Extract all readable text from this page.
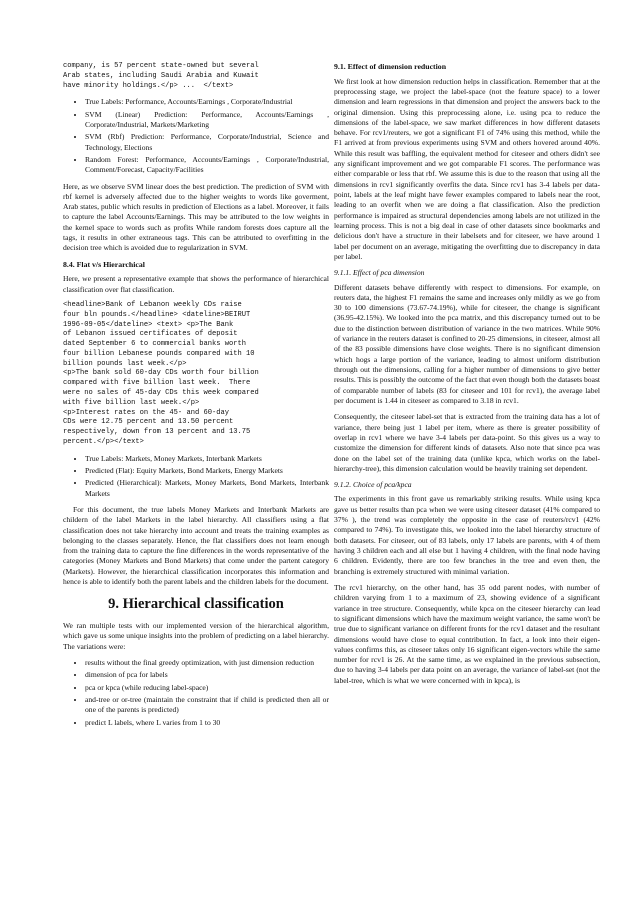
company, is 57 percent state-owned but several
Arab states, including Saudi Arabia and Kuwait
have minority holdings.</p> ...  </text>
• True Labels: Performance, Accounts/Earnings , Corporate/Industrial
• SVM (Linear) Prediction: Performance, Accounts/Earnings , Corporate/Industrial, Markets/Marketing
• SVM (Rbf) Prediction: Performance, Corporate/Industrial, Science and Technology, Elections
• Random Forest: Performance, Accounts/Earnings , Corporate/Industrial, Comment/Forecast, Capacity/Facilities

Here, as we observe SVM linear does the best prediction. The prediction of SVM with rbf kernel is adversely affected due to the higher weights to words like goverment, Arab states, public which results in prediction of Elections as a label. Moreover, it fails to capture the label Accounts/Earnings. This may be attributed to the low weights in the kernel space to words such as profits While random forests does capture all the tags, it results in other extraneous tags. This can be attributed to overfitting in the decision tree which is avoided due to regularization in SVM.

8.4. Flat v/s Hierarchical

Here, we present a representative example that shows the performance of hierarchical classification over flat classification.

<headline>Bank of Lebanon weekly CDs raise
four bln pounds.</headline> <dateline>BEIRUT
1996-09-05</dateline> <text> <p>The Bank
of Lebanon issued certificates of deposit
dated September 6 to commercial banks worth
four billion Lebanese pounds compared with 10
billion pounds last week.</p>
<p>The bank sold 60-day CDs worth four billion
compared with five billion last week.  There
were no sales of 45-day CDs this week compared
with five billion last week.</p>
<p>Interest rates on the 45- and 60-day
CDs were 12.75 percent and 13.50 percent
respectively, down from 13 percent and 13.75
percent.</p></text>
• True Labels: Markets, Money Markets, Interbank Markets
• Predicted (Flat): Equity Markets, Bond Markets, Energy Markets
• Predicted (Hierarchical): Markets, Money Markets, Bond Markets, Interbank Markets

For this document, the true labels Money Markets and Interbank Markets are childern of the label Markets in the label hierarchy. All classifiers using a flat classification does not take hierarchy into account and treats the training examples as belonging to the classes separately. Hence, the flat classifiers does not learn enough from the training data to capture the fine differences in the words representative of the categories (Money Markets and Bond Markets) that come under the partent category (Markets). However, the hierarchical classification incorporates this information and hence is able to identify both the parent labels and the children labels for the document.

9. Hierarchical classification

We ran multiple tests with our implemented version of the hierarchical algorithm, which gave us some unique insights into the problem of predicting on a label hierarchy. The variations were:

• results without the final greedy optimization, with just dimension reduction
• dimension of pca for labels
• pca or kpca (while reducing label-space)
• and-tree or or-tree (maintain the constraint that if child is predicted then all or one of the parents is predicted)
• predict L labels, where L varies from 1 to 30
9.1. Effect of dimension reduction

We first look at how dimension reduction helps in classification. Remember that at the preprocessing stage, we project the label-space (not the feature space) to a lower dimension and learn regressions in that dimension and project the answers back to the original dimension. Using this preprocessing alone, i.e. using pca to reduce the dimensions of the label-space, we saw market differences in how different datasets behave. For rcv1/reuters, we got a significant F1 of 74% using this method, while the F1 arrived at from previous experiments using SVM and others hovered around 40%. While this result was baffling, the equivalent method for citeseer and others didn't see any significant improvement and we got comparable F1 scores. The performance was either comparable or less that rbf. We assume this is due to the reason that using all the dimensions in rcv1 significantly overfits the data. Since rcv1 has 3-4 labels per data-point, labels at the leaf might have fewer examples compared to labels near the root, leading to an overfit when we are doing a flat classification. Also the prediction performance is impaired as structural dependencies among labels are not utilized in the learning process. This is not a big deal in case of other datasets since bookmarks and delicious don't have a structure in their labelsets and for citeseer, we have around 1 label per document on an average, mitigating the overfitting due to discrepancy in data per label.

9.1.1. Effect of pca dimension

Different datasets behave differently with respect to dimensions. For example, on reuters data, the highest F1 remains the same and increases only mildly as we go from 30 to 100 dimensions (73.67-74.19%), while for citeseer, the change is significant (36.95-42.15%). We looked into the pca matrix, and this discrepancy turned out to be due to the distinction between distribution of variance in the two matrices. While 90% of variance in the reuters dataset is confined to 20-25 dimensions, in citeseer, almost all of the 83 possible dimensions have close weights. There is no significant dimension which hogs a large portion of the variance, leading to almost uniform distribution through out the dimensions, calling for a higher number of dimensions to give better results. This is possibly the outcome of the fact that even though both the datasets boast of comparable number of labels (83 for citeseer and 101 for rcv1), the average label per document is 1.44 in citeseer as compared to 3.18 in rcv1.

Consequently, the citeseer label-set that is extracted from the training data has a lot of variance, there being just 1 label per item, where as there is greater possibility of overlap in rcv1 where we have 3-4 labels per data-point. So this gives us a way to customize the dimension for different kinds of datasets. Also note that since pca was done on the label set of the training data (unlike kpca, which works on the label-hierarchy-tree), this dimension calculation would be heavily training set dependent.

9.1.2. Choice of pca/kpca

The experiments in this front gave us remarkably striking results. While using kpca gave us better results than pca when we were using citeseer dataset (41% compared to 37% ), the trend was completely the opposite in the case of reuters/rcv1 (42% compared to 74%). To investigate this, we looked into the label hierarchy structure of both datasets. For citeseer, out of 83 labels, only 17 labels are parents, with 4 of them having 3 children each and all else but 1 having 4 children, with the final node having 6 children. Evidently, there are too few branches in the tree and even then, the branching is extremely structured with minimal variation.

The rcv1 hierarchy, on the other hand, has 35 odd parent nodes, with number of children varying from 1 to a maximum of 23, showing evidence of a significant variance in tree structure. Consequently, while kpca on the citeseer hierarchy can lead to significant dimensions which have the maximum weight variance, the same won't be true due to significant variance on different fronts for the rcv1 dataset and the resultant dimensions would have close to equal contribution. In fact, a look into their eigen-values confirms this, as citeseer takes only 16 significant eigen-vectors while the same number for rcv1 is 26. At the same time, as we explained in the previous subsection, due to having 3-4 labels per data point on an average, the variance of label-set (not the label-tree, which is what we were concerned with in kpca), is
